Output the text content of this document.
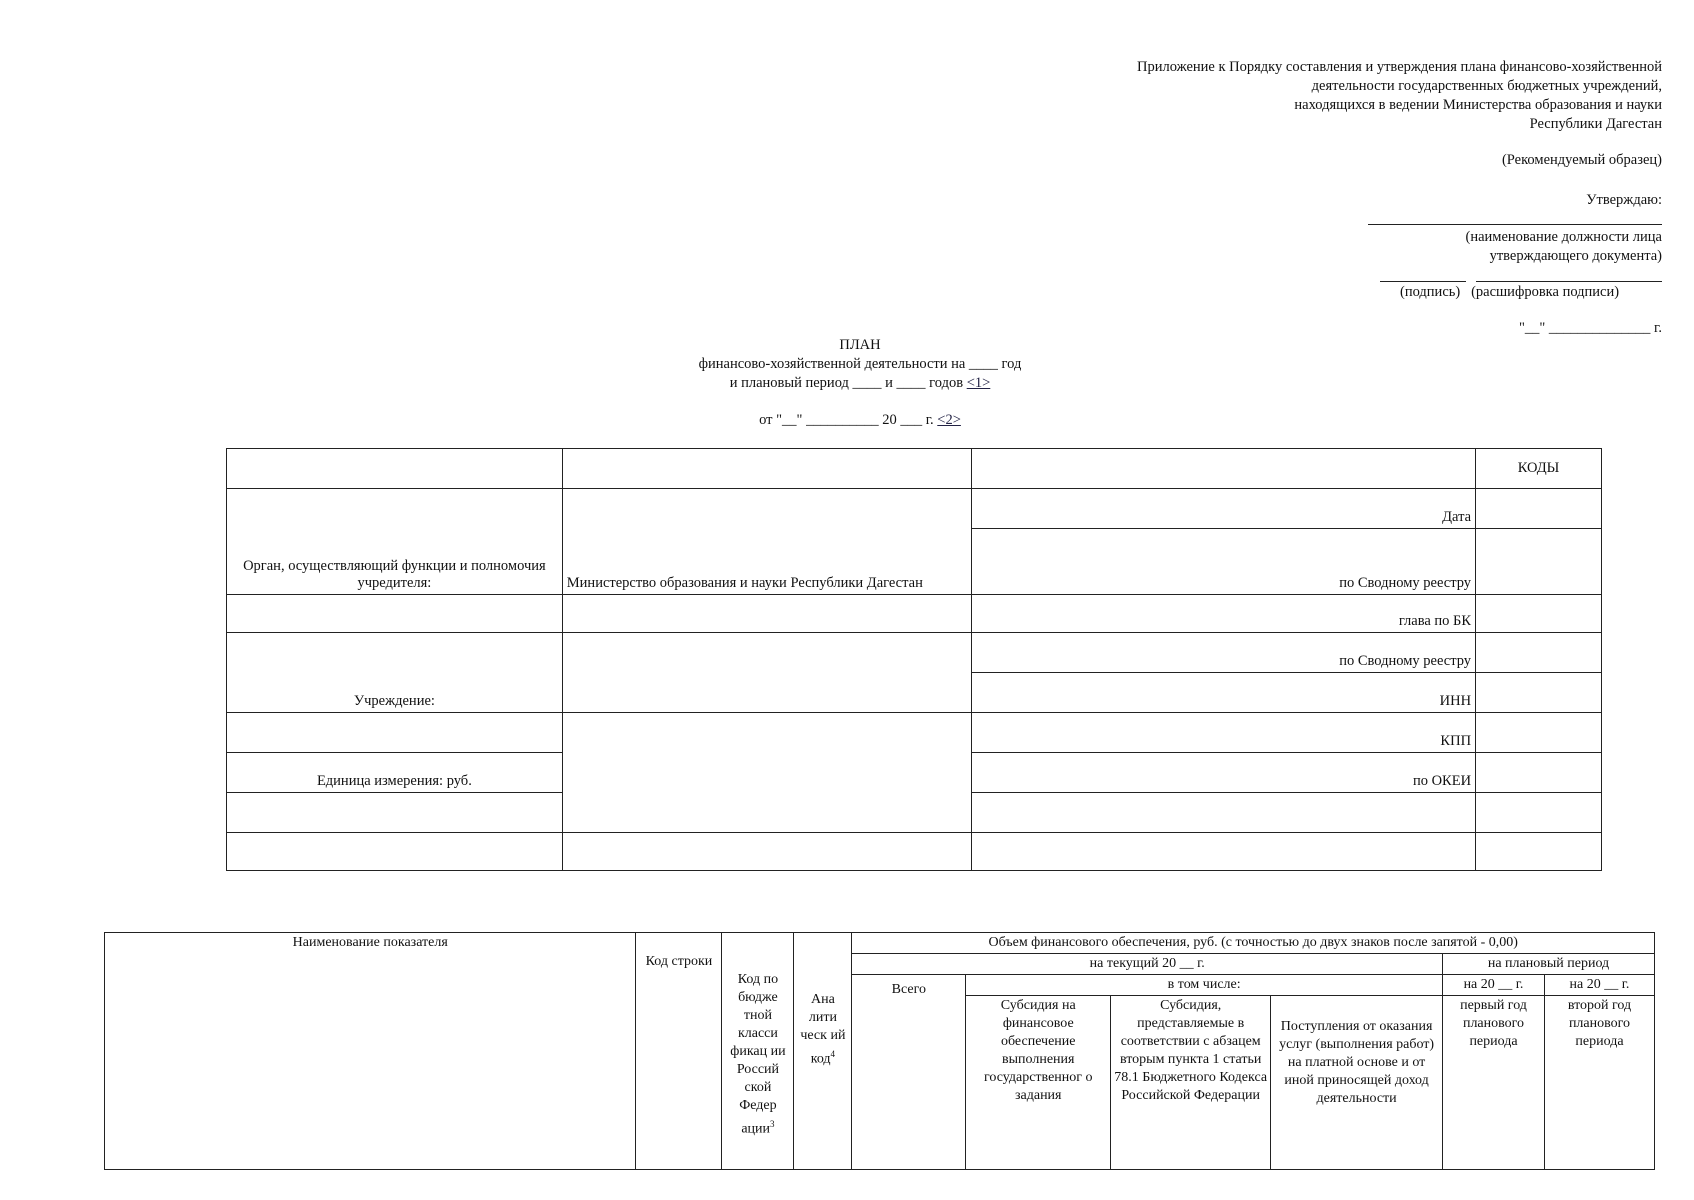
Приложение к Порядку составления и утверждения плана финансово-хозяйственной
деятельности государственных бюджетных учреждений,
находящихся в ведении Министерства образования и науки
Республики Дагестан
(Рекомендуемый образец)
Утверждаю:
(наименование должности лица
утверждающего документа)
(подпись)   (расшифровка подписи)
"__" ______________ г.
ПЛАН
финансово-хозяйственной деятельности на ____ год
и плановый период ____ и ____ годов <1>
от "__" __________ 20 ___ г. <2>
			КОДЫ
Орган, осуществляющий функции и полномочия учредителя:	Министерство образования и науки Республики Дагестан	Дата	
		по Сводному реестру	
		глава по БК	
Учреждение:		по Сводному реестру	
		ИНН	
		КПП	
Единица измерения: руб.		по ОКЕИ	

Наименование показателя	Код строки	Код по бюдже тной класси фикац ии Россий ской Федер ации$^3$	Ана лити ческ ий код$^4$	Объем финансового обеспечения, руб. (с точностью до двух знаков после запятой - 0,00)					
				на текущий 20 __ г.				на плановый период	
				Всего	в том числе:			на 20 __ г.	на 20 __ г.
					Субсидия на финансовое обеспечение выполнения государственног о задания	Субсидия, представляемые в соответствии с абзацем вторым пункта 1 статьи 78.1 Бюджетного Кодекса Российской Федерации	Поступления от оказания услуг (выполнения работ) на платной основе и от иной приносящей доход деятельности	первый год планового периода	второй год планового периода
